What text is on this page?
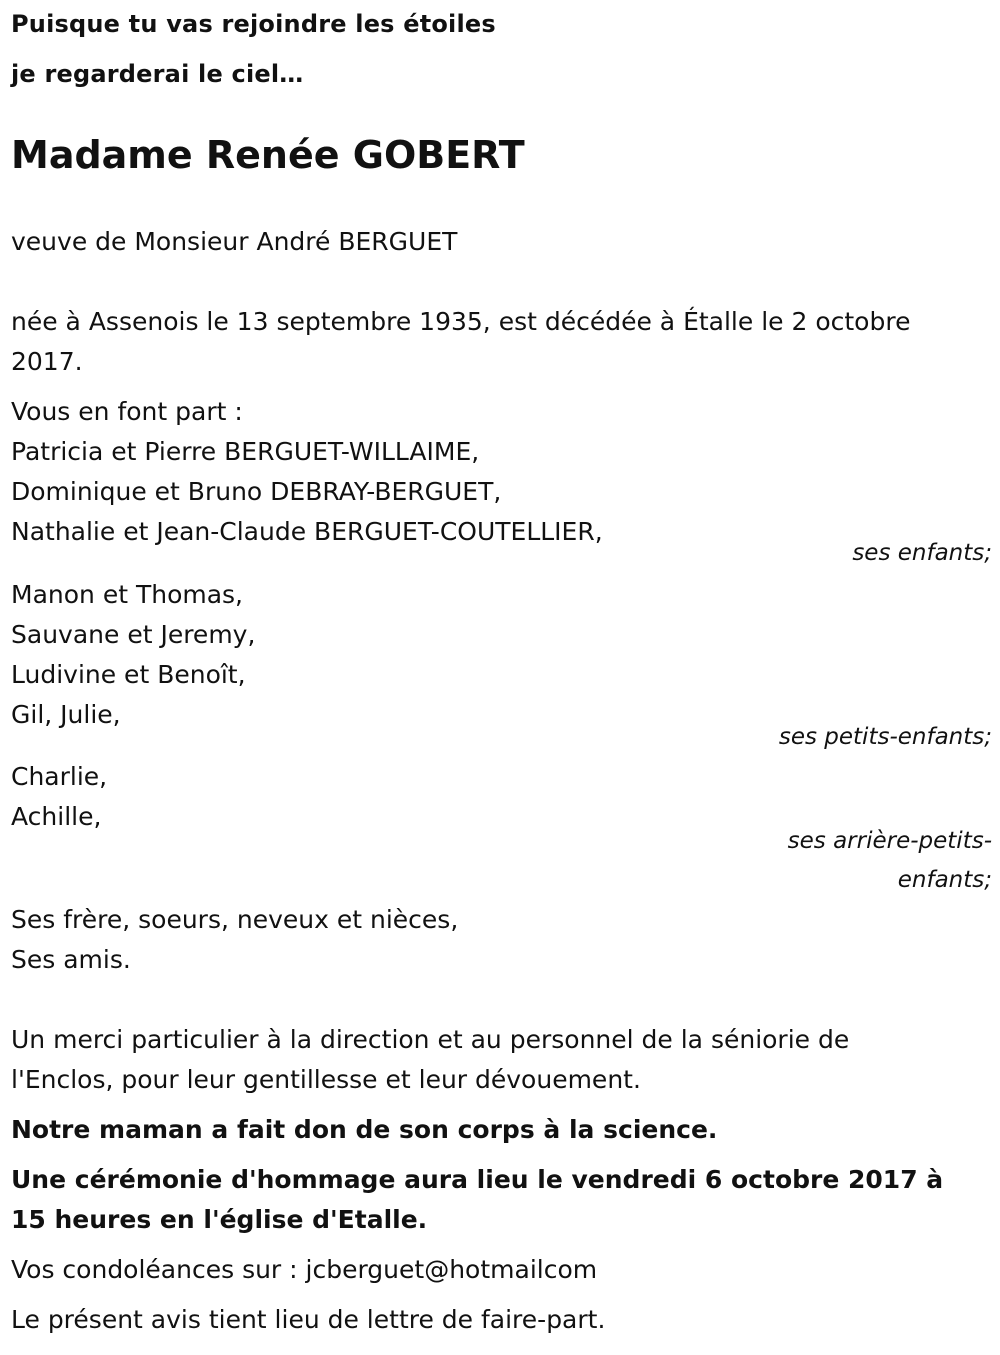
Puisque tu vas rejoindre les étoiles

je regarderai le ciel…

Madame Renée GOBERT

veuve de Monsieur André BERGUET

née à Assenois le 13 septembre 1935, est décédée à Étalle le 2 octobre 2017.

Vous en font part :

Patricia et Pierre BERGUET-WILLAIME,

Dominique et Bruno DEBRAY-BERGUET,

Nathalie et Jean-Claude BERGUET-COUTELLIER,

ses enfants;

Manon et Thomas,

Sauvane et Jeremy,

Ludivine et Benoît,

Gil, Julie,

ses petits-enfants;

Charlie,

Achille,

ses arrière-petits-

enfants;

Ses frère, soeurs, neveux et nièces,

Ses amis.

Un merci particulier à la direction et au personnel de la séniorie de l'Enclos, pour leur gentillesse et leur dévouement.

Notre maman a fait don de son corps à la science.

Une cérémonie d'hommage aura lieu le vendredi 6 octobre 2017 à 15 heures en l'église d'Etalle.

Vos condoléances sur : jcberguet@hotmailcom

Le présent avis tient lieu de lettre de faire-part.
